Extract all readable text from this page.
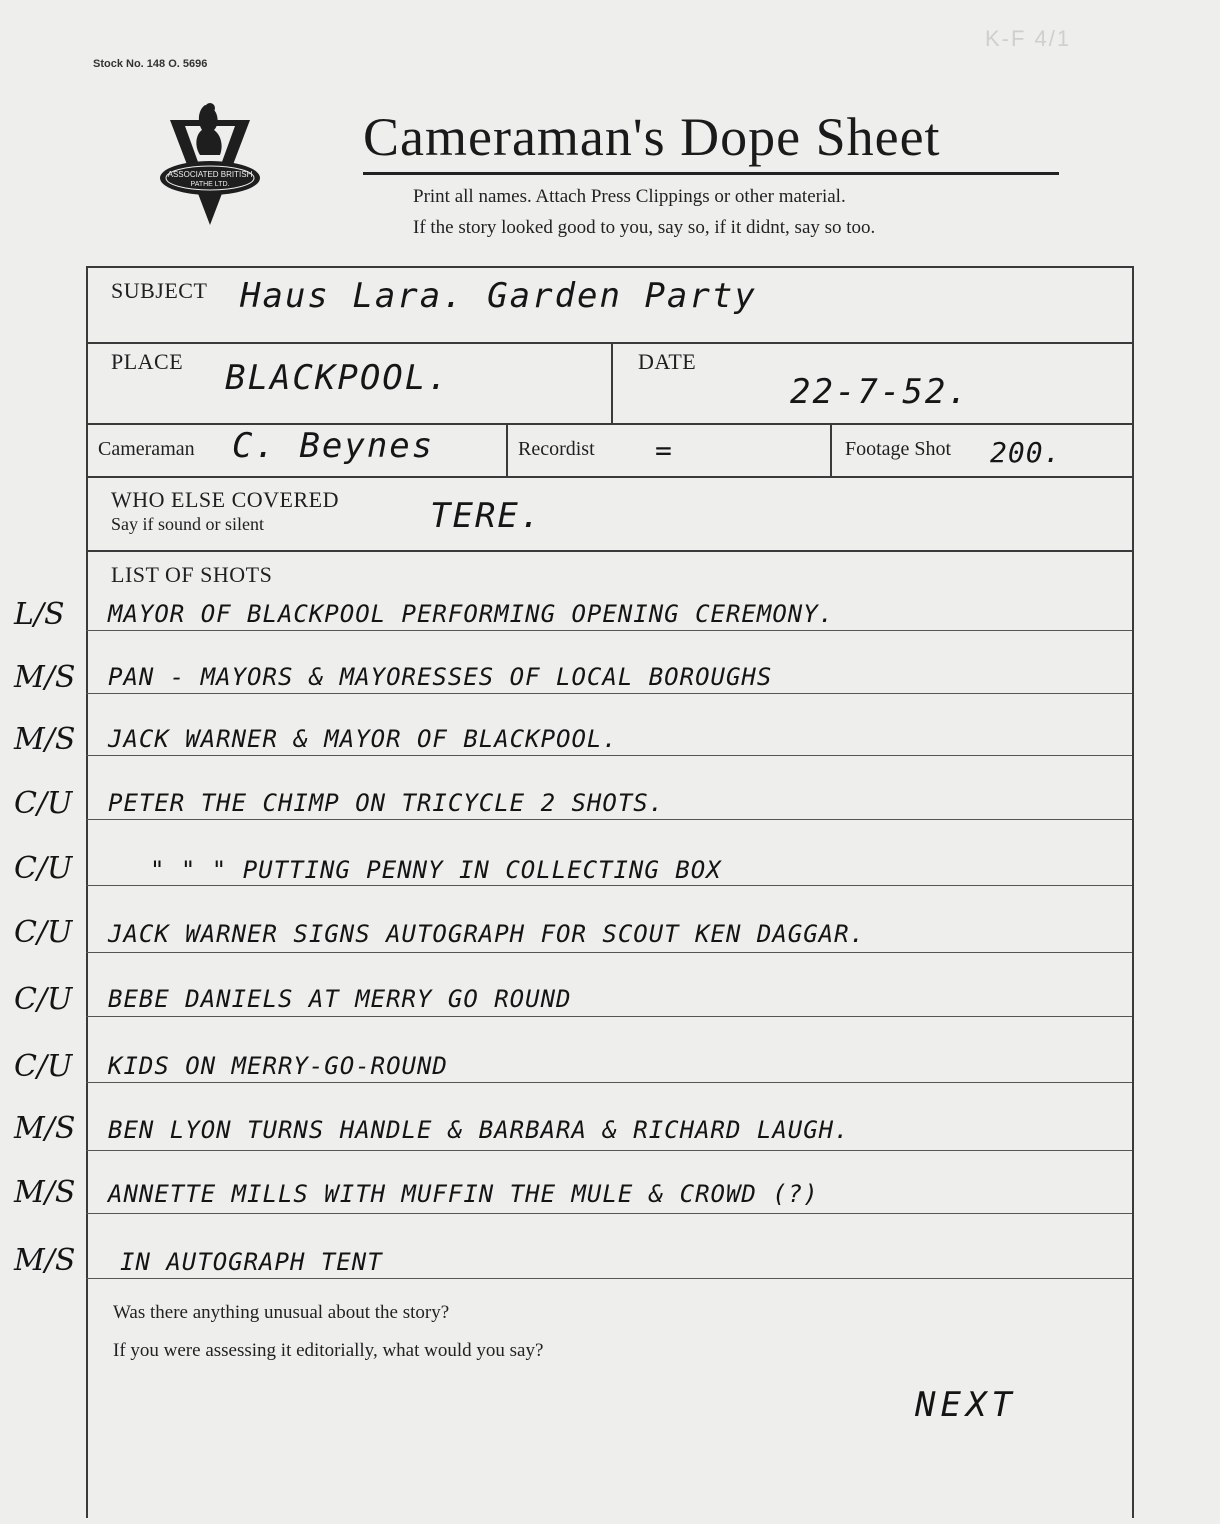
Stock No. 148 O. 5696
K-F 4/1
ASSOCIATED BRITISH
PATHE LTD.
Cameraman's Dope Sheet
Print all names. Attach Press Clippings or other material.
If the story looked good to you, say so, if it didnt, say so too.
SUBJECT Haus Lara. Garden Party
PLACE BLACKPOOL.	DATE
22-7-52.
Cameraman C. Beynes	Recordist =	Footage Shot 200.
WHO ELSE COVERED
Say if sound or silent	TERE.
LIST OF SHOTS
L/S MAYOR OF BLACKPOOL PERFORMING OPENING CEREMONY.
M/S PAN - MAYORS & MAYORESSES OF LOCAL BOROUGHS
M/S JACK WARNER & MAYOR OF BLACKPOOL.
C/U PETER THE CHIMP ON TRICYCLE 2 SHOTS.
C/U	" " " PUTTING PENNY IN COLLECTING BOX
C/U JACK WARNER SIGNS AUTOGRAPH FOR SCOUT KEN DAGGAR.
C/U BEBE DANIELS AT MERRY GO ROUND
C/U KIDS ON MERRY-GO-ROUND
M/S BEN LYON TURNS HANDLE & BARBARA & RICHARD LAUGH.
M/S ANNETTE MILLS WITH MUFFIN THE MULE & CROWD (?)
M/S IN AUTOGRAPH TENT
Was there anything unusual about the story?
If you were assessing it editorially, what would you say?
NEXT
